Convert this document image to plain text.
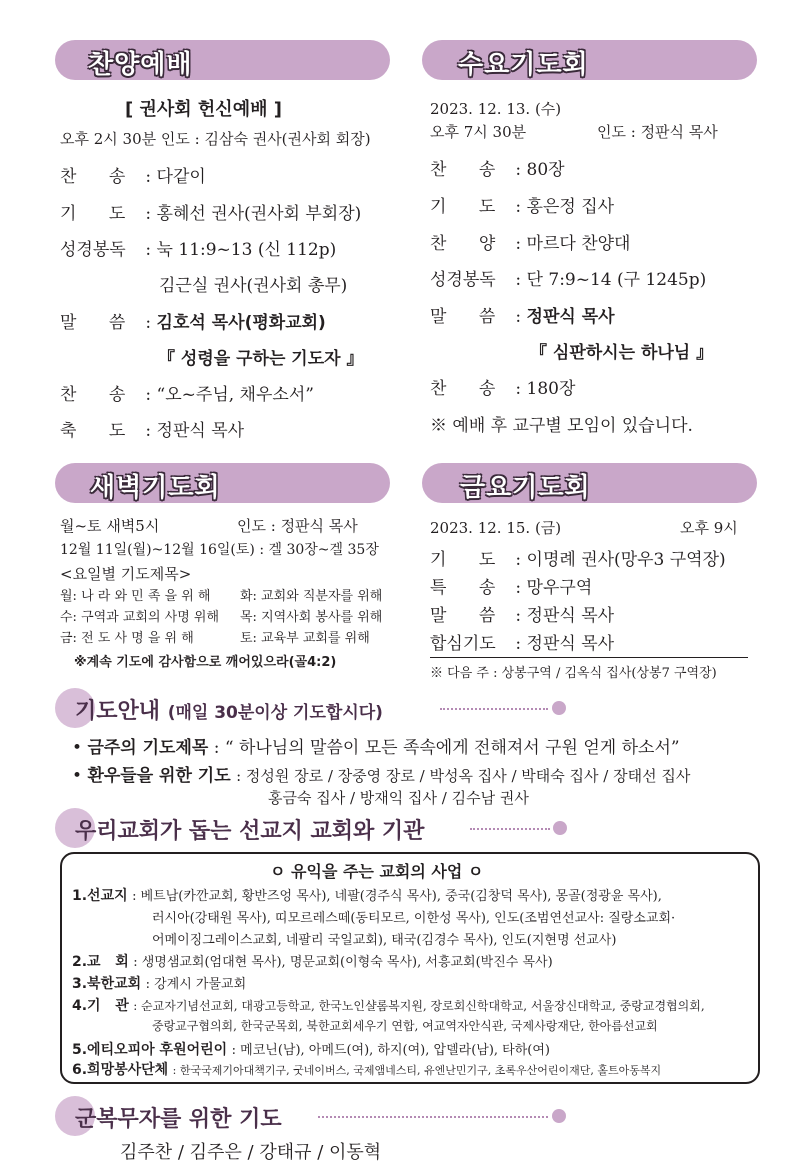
찬양예배
[ 권사회 헌신예배 ]
오후 2시 30분 인도 : 김삼숙 권사(권사회 회장)
찬      송 : 다같이
기      도 : 홍혜선 권사(권사회 부회장)
성경봉독 : 눅 11:9~13 (신 112p)
김근실 권사(권사회 총무)
말      씀 : 김호석 목사(평화교회)
『 성령을 구하는 기도자 』
찬      송 : “오~주님, 채우소서”
축      도 : 정판식 목사
수요기도회
2023. 12. 13. (수)
오후 7시 30분	인도 : 정판식 목사
찬      송 : 80장
기      도 : 홍은정 집사
찬      양 : 마르다 찬양대
성경봉독 : 단 7:9~14 (구 1245p)
말      씀 : 정판식 목사
『 심판하시는 하나님 』
찬      송 : 180장
※ 예배 후 교구별 모임이 있습니다.
새벽기도회
월~토 새벽5시	인도 : 정판식 목사
12월 11일(월)~12월 16일(토) : 겔 30장~겔 35장
<요일별 기도제목>
월: 나 라 와 민 족 을 위 해 화: 교회와 직분자를 위해
수: 구역과 교회의 사명 위해 목: 지역사회 봉사를 위해
금: 전 도 사 명 을 위 해	토: 교육부 교회를 위해
※계속 기도에 감사함으로 깨어있으라(골4:2)
금요기도회
2023. 12. 15. (금)	오후 9시
기      도 : 이명례 권사(망우3 구역장)
특      송 : 망우구역
말      씀 : 정판식 목사
합심기도 : 정판식 목사
※ 다음 주 : 상봉구역 / 김옥식 집사(상봉7 구역장)
기도안내 (매일 30분이상 기도합시다)
• 금주의 기도제목 : “ 하나님의 말씀이 모든 족속에게 전해져서 구원 얻게 하소서”
• 환우들을 위한 기도 : 정성원 장로 / 장중영 장로 / 박성옥 집사 / 박태숙 집사 / 장태선 집사
홍금숙 집사 / 방재익 집사 / 김수남 권사
우리교회가 돕는 선교지 교회와 기관
ㅇ 유익을 주는 교회의 사업 ㅇ
1.선교지 : 베트남(카깐교회, 황반즈엉 목사), 네팔(경주식 목사), 중국(김창덕 목사), 몽골(정광윤 목사),
러시아(강태원 목사), 띠모르레스떼(동티모르, 이한성 목사), 인도(조범연선교사: 질랑소교회·
어메이징그레이스교회, 네팔리 국일교회), 태국(김경수 목사), 인도(지현명 선교사)
2.교   회 : 생명샘교회(엄대현 목사), 명문교회(이형숙 목사), 서흥교회(박진수 목사)
3.북한교회 : 강계시 가물교회
4.기   관 : 순교자기념선교회, 대광고등학교, 한국노인샬롬복지원, 장로회신학대학교, 서울장신대학교, 중랑교경협의회,
중랑교구협의회, 한국군목회, 북한교회세우기 연합, 여교역자안식관, 국제사랑재단, 한아름선교회
5.에티오피아 후원어린이 : 메코닌(남), 아메드(여), 하지(여), 압델라(남), 타하(여)
6.희망봉사단체 : 한국국제기아대책기구, 굿네이버스, 국제앰네스티, 유엔난민기구, 초록우산어린이재단, 홀트아동복지
군복무자를 위한 기도
김주찬 / 김주은 / 강태규 / 이동혁
